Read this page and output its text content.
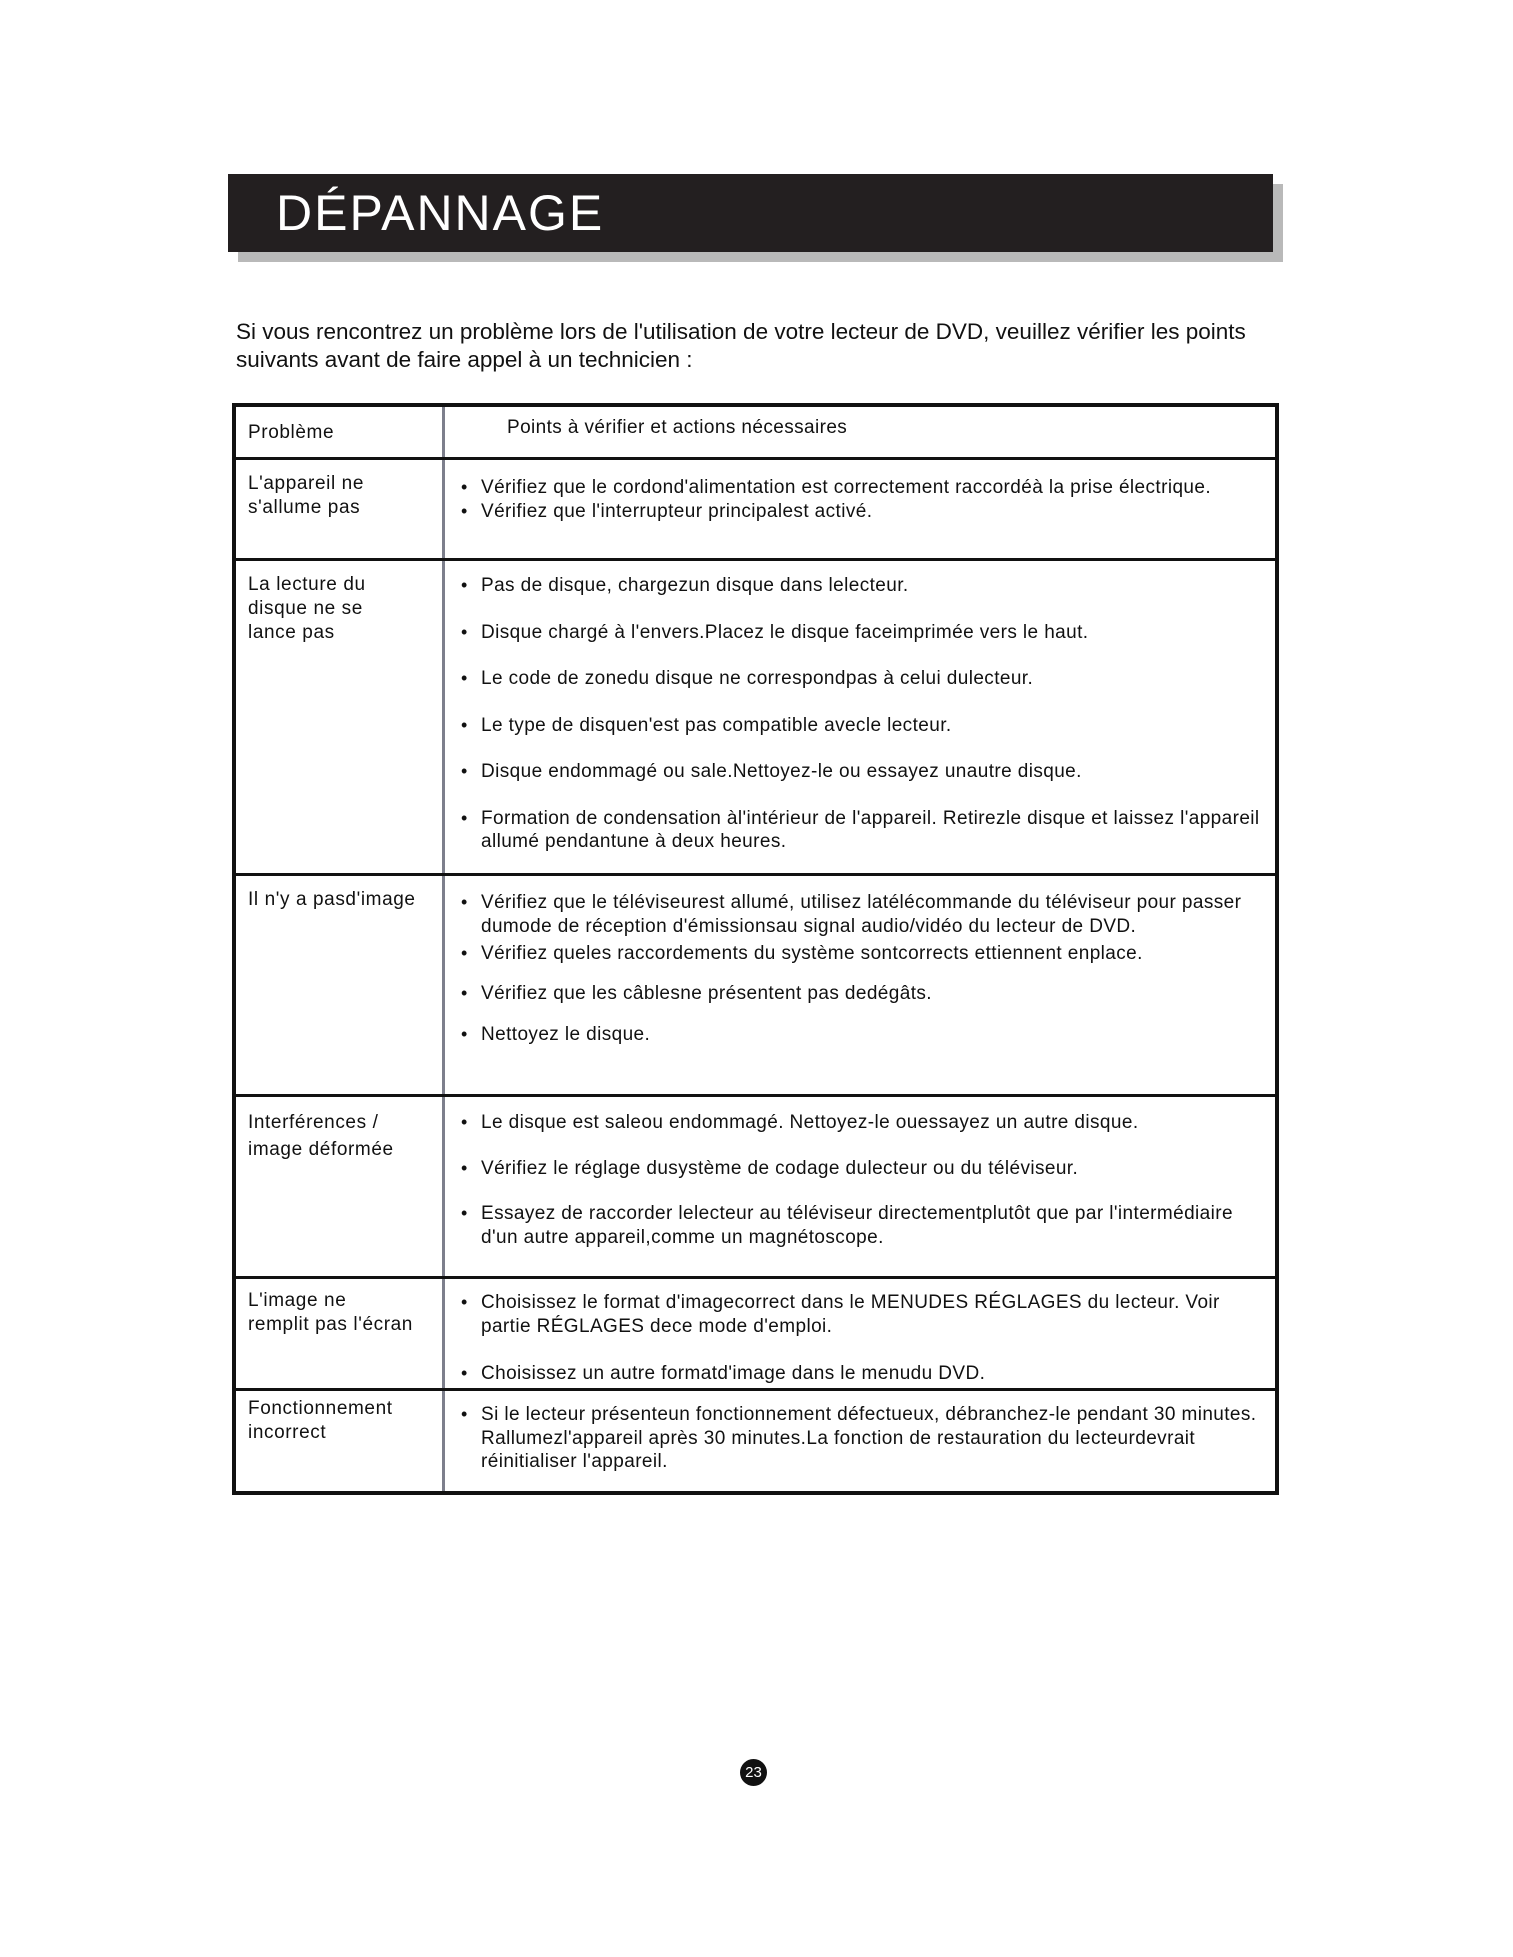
DÉPANNAGE
Si vous rencontrez un problème lors de l'utilisation de votre lecteur de DVD, veuillez vérifier les points suivants avant de faire appel à un technicien :
Problème	Points à vérifier et actions nécessaires
L'appareil ne
s'allume pas
• Vérifiez que le cordond'alimentation est correctement raccordéà la prise électrique.
• Vérifiez que l'interrupteur principalest activé.
La lecture du
disque ne se
lance pas
• Pas de disque, chargezun disque dans lelecteur.
• Disque chargé à l'envers.Placez le disque faceimprimée vers le haut.
• Le code de zonedu disque ne correspondpas à celui dulecteur.
• Le type de disquen'est pas compatible avecle lecteur.
• Disque endommagé ou sale.Nettoyez-le ou essayez unautre disque.
• Formation de condensation àl'intérieur de l'appareil. Retirezle disque et laissez l'appareil allumé pendantune à deux heures.
Il n'y a pasd'image
•	Vérifiez que le téléviseurest allumé, utilisez latélécommande du téléviseur pour passer dumode de réception d'émissionsau signal audio/vidéo du lecteur de DVD.
• Vérifiez queles raccordements du système sontcorrects ettiennent enplace.
• Vérifiez que les câblesne présentent pas dedégâts.
• Nettoyez le disque.
Interférences /
image déformée
• Le disque est saleou endommagé. Nettoyez-le ouessayez un autre disque.
• Vérifiez le réglage dusystème de codage dulecteur ou du téléviseur.
• Essayez de raccorder lelecteur au téléviseur directementplutôt que par l'intermédiaire d'un autre appareil,comme un magnétoscope.
L'image ne
remplit pas l'écran
• Choisissez le format d'imagecorrect dans le MENUDES RÉGLAGES du lecteur. Voir partie RÉGLAGES dece mode d'emploi.
• Choisissez un autre formatd'image dans le menudu DVD.
Fonctionnement
incorrect
• Si le lecteur présenteun fonctionnement défectueux, débranchez-le pendant 30 minutes. Rallumezl'appareil après 30 minutes.La fonction de restauration du lecteurdevrait réinitialiser l'appareil.
23
